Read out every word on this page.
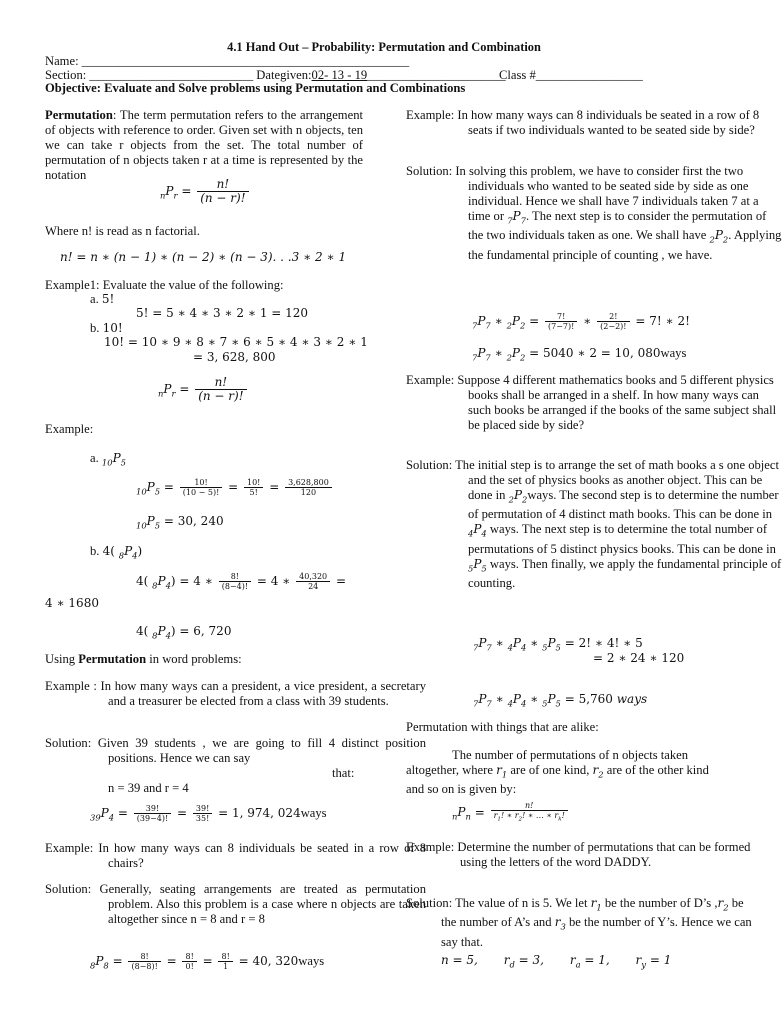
4.1 Hand Out – Probability: Permutation and Combination
Name: ____________________________________________________
Section: __________________________ Dategiven:02- 13 - 19______________________
Class #_________________
Objective: Evaluate and Solve problems using Permutation and Combinations
Permutation: The term permutation refers to the arrangement of objects with reference to order. Given set with n objects, ten we can take r objects from the set. The total number of permutation of n objects taken r at a time is represented by the notation
$_nP_r = \frac{n!}{(n - r)!}$
Where n! is read as n factorial.
n! = n ∗ (n − 1) ∗ (n − 2) ∗ (n − 3). . .3 ∗ 2 ∗ 1
Example1: Evaluate the value of the following:
a. 5!
5! = 5 ∗ 4 ∗ 3 ∗ 2 ∗ 1 = 120
b. 10!
10! = 10 ∗ 9 ∗ 8 ∗ 7 ∗ 6 ∗ 5 ∗ 4 ∗ 3 ∗ 2 ∗ 1
= 3, 628, 800
$_nP_r = \frac{n!}{(n - r)!}$
Example:
a. $_{10}P_5$
$_{10}P_5 = \frac{10!}{(10 - 5)!} = \frac{10!}{5!} = \frac{3,628,800}{120}$
$_{10}P_5 = 30$, 240
b. 4( $_8P_4$)
4( $_8P_4) = 4$ ∗ $\frac{8!}{(8-4)!} = 4$ ∗ $\frac{40,320}{24}$ =
4 ∗ 1680
4( $_8P_4) = 6$, 720
Using Permutation in word problems:
Example : In how many ways can a president, a vice president, a secretary and a treasurer be elected from a class with 39 students.
Solution: Given 39 students , we are going to fill 4 distinct position positions. Hence we can say
that:
n = 39 and r = 4
$_{39}P_4 = \frac{39!}{(39-4)!} = \frac{39!}{35!} = 1$, 974, 024ways
Example: In how many ways can 8 individuals be seated in a row of 8 chairs?
Solution: Generally, seating arrangements are treated as permutation problem. Also this problem is a case where n objects are taken altogether since n = 8 and r = 8
$_8P_8 = \frac{8!}{(8-8)!} = \frac{8!}{0!} = \frac{8!}{1} = 40$, 320ways
Example: In how many ways can 8 individuals be seated in a row of 8 seats if two individuals wanted to be seated side by side?
Solution: In solving this problem, we have to consider first the two individuals who wanted to be seated side by side as one individual. Hence we shall have 7 individuals taken 7 at a time or $_7P_7$. The next step is to consider the permutation of the two individuals taken as one. We shall have $_2P_2$. Applying the fundamental principle of counting , we have.
$_7P_7$ ∗ $_2P_2 = \frac{7!}{(7-7)!}$ ∗ $\frac{2!}{(2-2)!} = 7$! ∗ 2!
$_7P_7$ ∗ $_2P_2 = 5040$ ∗ 2 = 10, 080ways
Example: Suppose 4 different mathematics books and 5 different physics books shall be arranged in a shelf. In how many ways can such books be arranged if the books of the same subject shall be placed side by side?
Solution: The initial step is to arrange the set of math books a s one object and the set of physics books as another object. This can be done in $_2P_2ways$. The second step is to determine the number of permutation of 4 distinct math books. This can be done in $_4P_4$ ways. The next step is to determine the total number of permutations of 5 distinct physics books. This can be done in $_5P_5$ ways. Then finally, we apply the fundamental principle of counting.
$_7P_7$ ∗ $_4P_4$ ∗ $_5P_5 = 2$! ∗ 4! ∗ 5
= 2 ∗ 24 ∗ 120
$_7P_7$ ∗ $_4P_4$ ∗ $_5P_5 = 5,760$ ways
Permutation with things that are alike:
The number of permutations of n objects taken altogether, where $r_1$ are of one kind, $r_2$ are of the other kind and so on is given by:
$_nP_n = \frac{n!}{r_1! ∗ r_2! ∗ \dots ∗ r_k!}$
Example: Determine the number of permutations that can be formed using the letters of the word DADDY.
Solution: The value of n is 5. We let $r_1$ be the number of D’s $,r_2$ be the number of A’s and $r_3$ be the number of Y’s. Hence we can say that.
n = 5, $r_d = 3$, $r_a = 1$, $r_y = 1$
